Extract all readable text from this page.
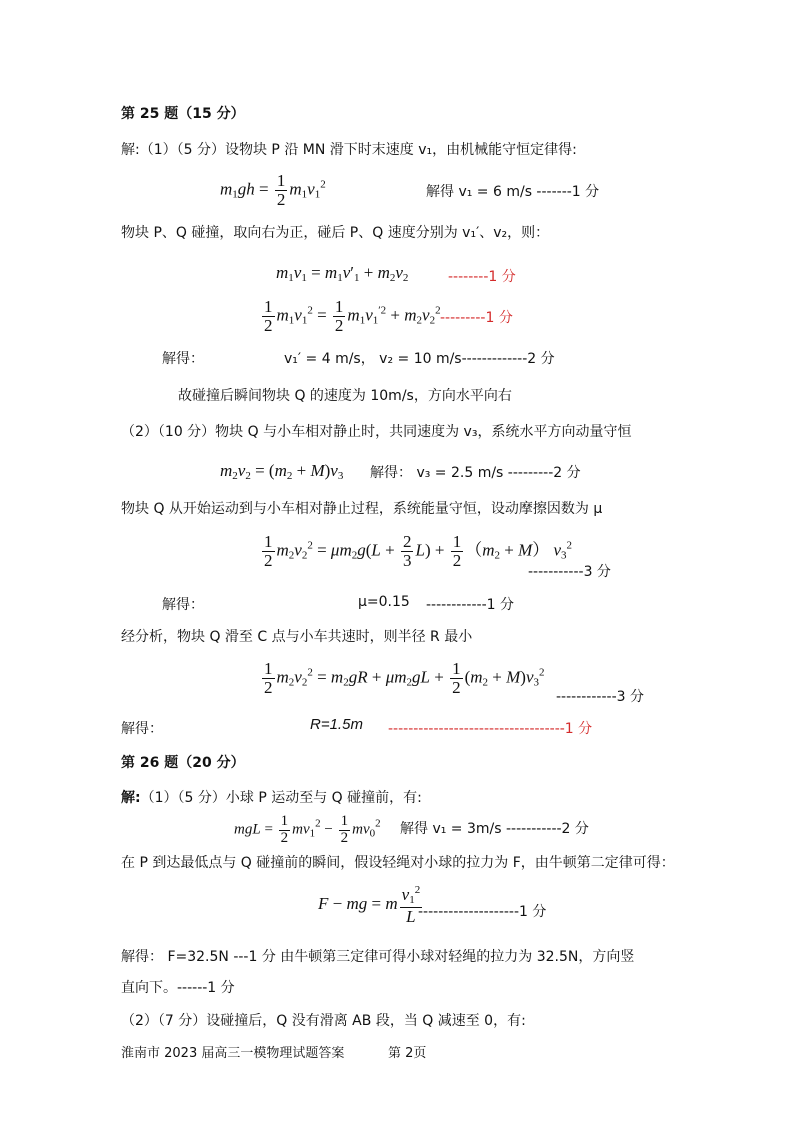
第 25 题（15 分）
解:（1）（5 分）设物块 P 沿 MN 滑下时末速度 v₁，由机械能守恒定律得:
$m_1gh = \frac{1}{2} m_1v_1^2$	解得 v₁ = 6 m/s -------1 分
物块 P、Q 碰撞，取向右为正，碰后 P、Q 速度分别为 v₁′、v₂，则：
$m_1v_1 = m_1v'_1 + m_2v_2$	--------1 分
$\frac{1}{2} m_1v_1^2 = \frac{1}{2} m_1v_1^{'2} + m_2v_2^2$ ---------1 分
解得：	v₁′ = 4 m/s， v₂ = 10 m/s-------------2 分
故碰撞后瞬间物块 Q 的速度为 10m/s，方向水平向右
（2）（10 分）物块 Q 与小车相对静止时，共同速度为 v₃，系统水平方向动量守恒
$m_2v_2 = (m_2 + M)v_3$ 解得： v₃ = 2.5 m/s ---------2 分
物块 Q 从开始运动到与小车相对静止过程，系统能量守恒，设动摩擦因数为 μ
$\frac{1}{2} m_2v_2^2 = \mu m_2g(L + \frac{2}{3} L) + \frac{1}{2} (m_2 + M)$ $v_3^2$
-----------3 分
解得：	μ=0.15 ------------1 分
经分析，物块 Q 滑至 C 点与小车共速时，则半径 R 最小
$\frac{1}{2} m_2v_2^2 = m_2gR + \mu m_2gL + \frac{1}{2} (m_2 + M)v_3^2$
------------3 分
解得：	R=1.5m -----------------------------------1 分
第 26 题（20 分）
解:（1）（5 分）小球 P 运动至与 Q 碰撞前，有:
mgL = $\frac{1}{2} mv_1^2 - \frac{1}{2} mv_0^2$ 解得 v₁ = 3m/s -----------2 分
在 P 到达最低点与 Q 碰撞前的瞬间，假设轻绳对小球的拉力为 F，由牛顿第二定律可得：
F − mg = m $\frac{v_1^2}{L}$
--------------------1 分
解得： F=32.5N ---1 分 由牛顿第三定律可得小球对轻绳的拉力为 32.5N，方向竖
直向下。------1 分
（2）（7 分）设碰撞后，Q 没有滑离 AB 段，当 Q 减速至 0，有:
淮南市 2023 届高三一模物理试题答案	第 2页
